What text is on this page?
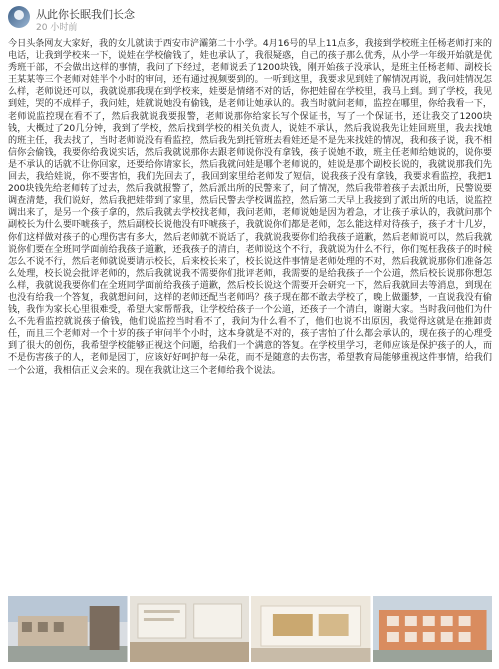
从此你长眠我们长念
20 小时前

今日头条网友大家好，我的女儿就读于西安市浐灞第二十小学。4月16号的早上11点多，我接到学校班主任杨老师打来的电话，让我到学校来一下，说娃在学校偷钱了，娃也承认了，我很疑惑，自己的孩子那么优秀，从小学一年级开始就是优秀班干部，不会做出这样的事情，我问了下经过，老师说丢了1200块钱，刚开始孩子没承认，是班主任杨老师、副校长王某某等三个老师对娃半个小时的审问，还有通过视频要到的。一听到这里，我要求见到娃了解情况再说，我问娃情况怎么样，老师说还可以，我就说那我现在到学校来，娃要是情绪不对的话，你把娃留在学校里，我马上到。到了学校，我见到娃，哭的不成样子，我问娃，娃就说她没有偷钱，是老师让她承认的。我当时就问老师，监控在哪里，你给我看一下，老师说监控现在看不了，然后我就说我要报警，老师说那你给家长写个保证书，写了一个保证书，还让我交了1200块钱，大概过了20几分钟，我到了学校，然后找到学校的相关负责人，说娃不承认，然后我说我先让娃回班里，我去找她的班主任，我去找了，当时老师说没有看监控，然后我先到托管班去看娃还是不是先来找娃的情况，我和孩子说，我不相信你会偷钱，我要你给我说实话，然后我就说那你去跟老师说你没有拿钱，孩子说她不敢，班主任老师给她说的，说你要是不承认的话就不让你回家，还要给你请家长，然后我就问娃是哪个老师说的，娃说是那个副校长说的，我就说那我们先回去，我给娃说，你不要害怕，我们先回去了，我回到家里给老师发了短信，说我孩子没有拿钱，我要求看监控，我把1200块钱先给老师转了过去，然后我就报警了，然后派出所的民警来了，问了情况，然后我带着孩子去派出所，民警说要调查清楚，我们说好，然后我把娃带到了家里，然后民警去学校调监控，然后第二天早上我接到了派出所的电话，说监控调出来了，是另一个孩子拿的，然后我就去学校找老师，我问老师，老师说她是因为着急，才让孩子承认的，我就问那个副校长为什么要吓唬孩子，然后副校长说他没有吓唬孩子，我就说你们都是老师，怎么能这样对待孩子，孩子才十几岁，你们这样做对孩子的心理伤害有多大，然后老师就不说话了，我就说我要你们给我孩子道歉，然后老师说可以，然后我就说你们要在全班同学面前给我孩子道歉，还我孩子的清白，老师说这个不行，我就说为什么不行，你们冤枉我孩子的时候怎么不说不行，然后老师就说要请示校长，后来校长来了，校长说这件事情是老师处理的不对，然后我就说那你们准备怎么处理，校长说会批评老师的，然后我就说我不需要你们批评老师，我需要的是给我孩子一个公道，然后校长说那你想怎么样，我就说我要你们在全班同学面前给我孩子道歉，然后校长说这个需要开会研究一下，然后我就回去等消息，到现在也没有给我一个答复，我就想问问，这样的老师还配当老师吗？孩子现在都不敢去学校了，晚上做噩梦，一直说我没有偷钱，我作为家长心里很难受，希望大家帮帮我，让学校给孩子一个公道，还孩子一个清白，谢谢大家。当时我问他们为什么不先看监控就说孩子偷钱，他们说监控当时看不了，我问为什么看不了，他们也说不出原因，我觉得这就是在推卸责任，而且三个老师对一个十岁的孩子审问半个小时，这本身就是不对的，孩子害怕了什么都会承认的，现在孩子的心理受到了很大的创伤，我希望学校能够正视这个问题，给我们一个满意的答复。在学校里学习，老师应该是保护孩子的人，而不是伤害孩子的人，老师是园丁，应该好好呵护每一朵花，而不是随意的去伤害，希望教育局能够重视这件事情，给我们一个公道，我相信正义会来的。现在我就让这三个老师给我个说法。
